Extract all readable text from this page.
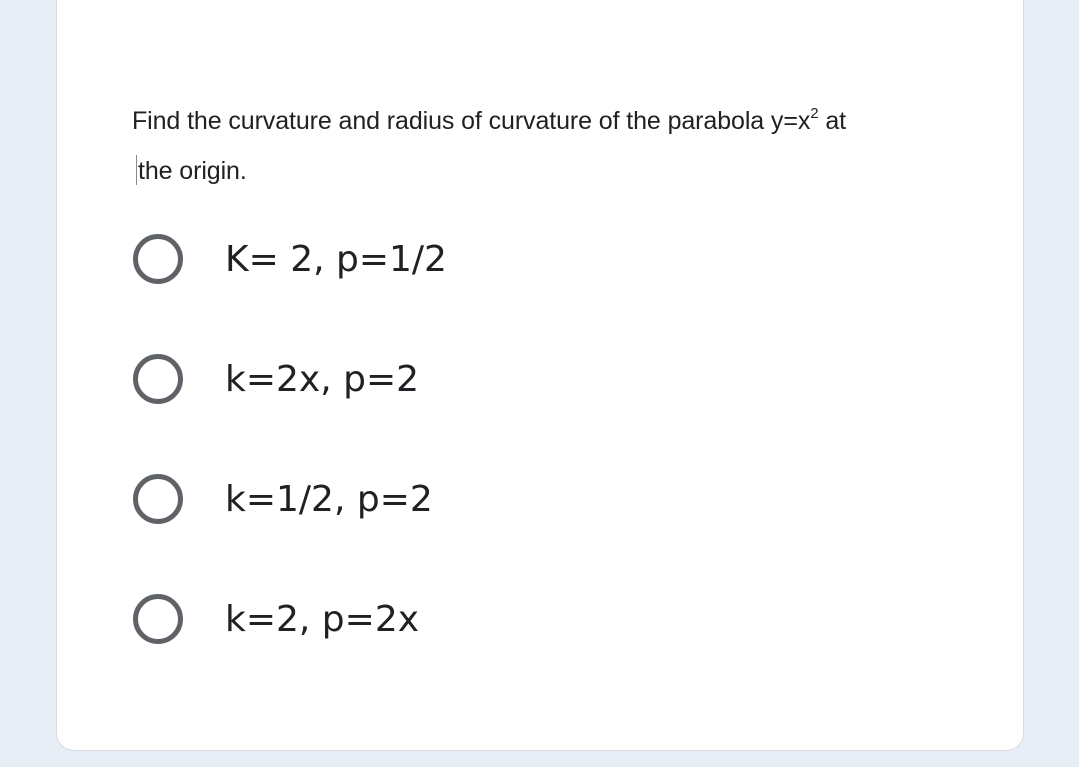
Find the curvature and radius of curvature of the parabola $y=x^2$ at
the origin.
K= 2, p=1/2
k=2x, p=2
k=1/2, p=2
k=2, p=2x
